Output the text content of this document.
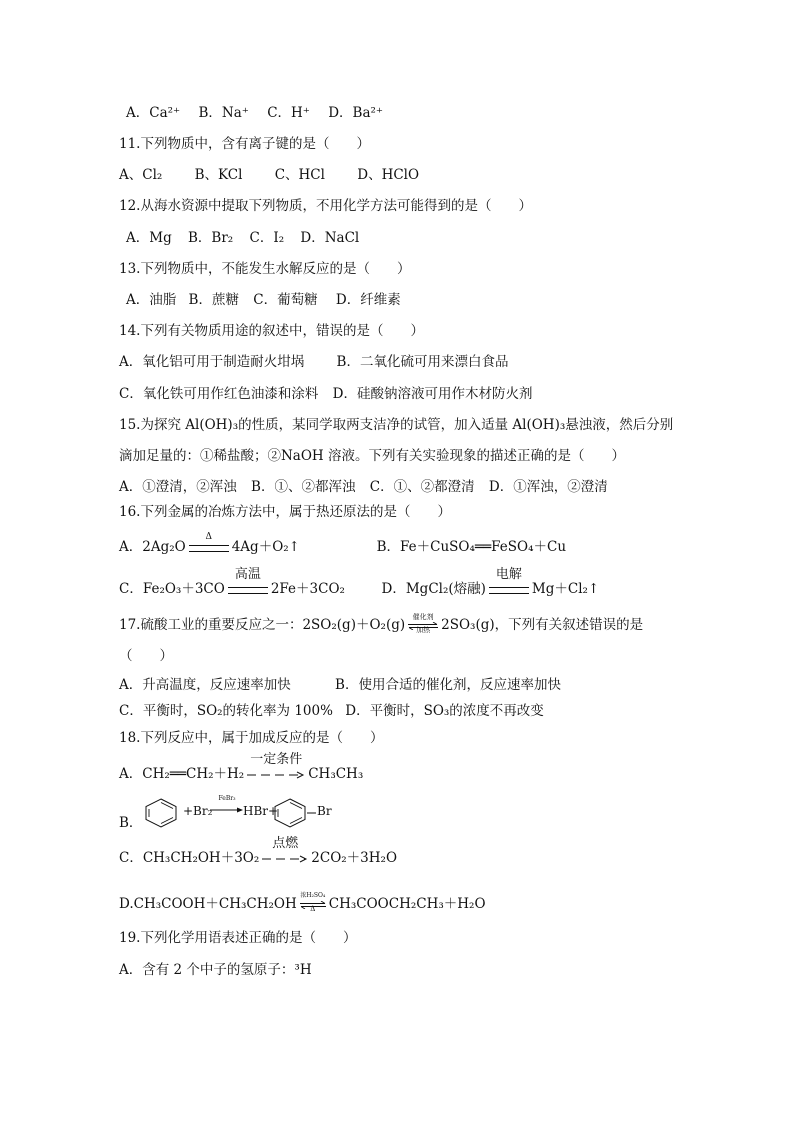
A．Ca²⁺ B．Na⁺ C．H⁺ D．Ba²⁺
11.下列物质中，含有离子键的是（　　）
A、Cl₂ B、KCl C、HCl D、HClO
12.从海水资源中提取下列物质，不用化学方法可能得到的是（　　）
A．Mg B．Br₂ C．I₂ D．NaCl
13.下列物质中，不能发生水解反应的是（　　）
A．油脂 B．蔗糖 C．葡萄糖 D．纤维素
14.下列有关物质用途的叙述中，错误的是（　　）
A．氧化铝可用于制造耐火坩埚 B．二氧化硫可用来漂白食品
C．氧化铁可用作红色油漆和涂料 D．硅酸钠溶液可用作木材防火剂
15.为探究 Al(OH)₃的性质，某同学取两支洁净的试管，加入适量 Al(OH)₃悬浊液，然后分别
滴加足量的：①稀盐酸；②NaOH 溶液。下列有关实验现象的描述正确的是（　　）
A．①澄清，②浑浊 B．①、②都浑浊 C．①、②都澄清 D．①浑浊，②澄清
16.下列金属的冶炼方法中，属于热还原法的是（　　）
A．2Ag₂O
Δ
4Ag＋O₂↑	B．Fe＋CuSO₄══FeSO₄＋Cu
C．Fe₂O₃＋3CO
高温
2Fe＋3CO₂	D．MgCl₂(熔融)
电解
Mg＋Cl₂↑
17.硫酸工业的重要反应之一：2SO₂(g)＋O₂(g)
催化剂
加热 2SO₃(g)，下列有关叙述错误的是
（　　）
A．升高温度，反应速率加快	B．使用合适的催化剂，反应速率加快
C．平衡时，SO₂的转化率为 100% D．平衡时，SO₃的浓度不再改变
18.下列反应中，属于加成反应的是（　　）
A．CH₂══CH₂＋H₂
一定条件
CH₃CH₃
B．
+Br₂
FeBr₃
HBr+	Br
C．CH₃CH₂OH＋3O₂
点燃
2CO₂＋3H₂O
D.CH₃COOH＋CH₃CH₂OH
浓H₂SO₄
Δ CH₃COOCH₂CH₃＋H₂O
19.下列化学用语表述正确的是（　　）
A．含有 2 个中子的氢原子：³H
